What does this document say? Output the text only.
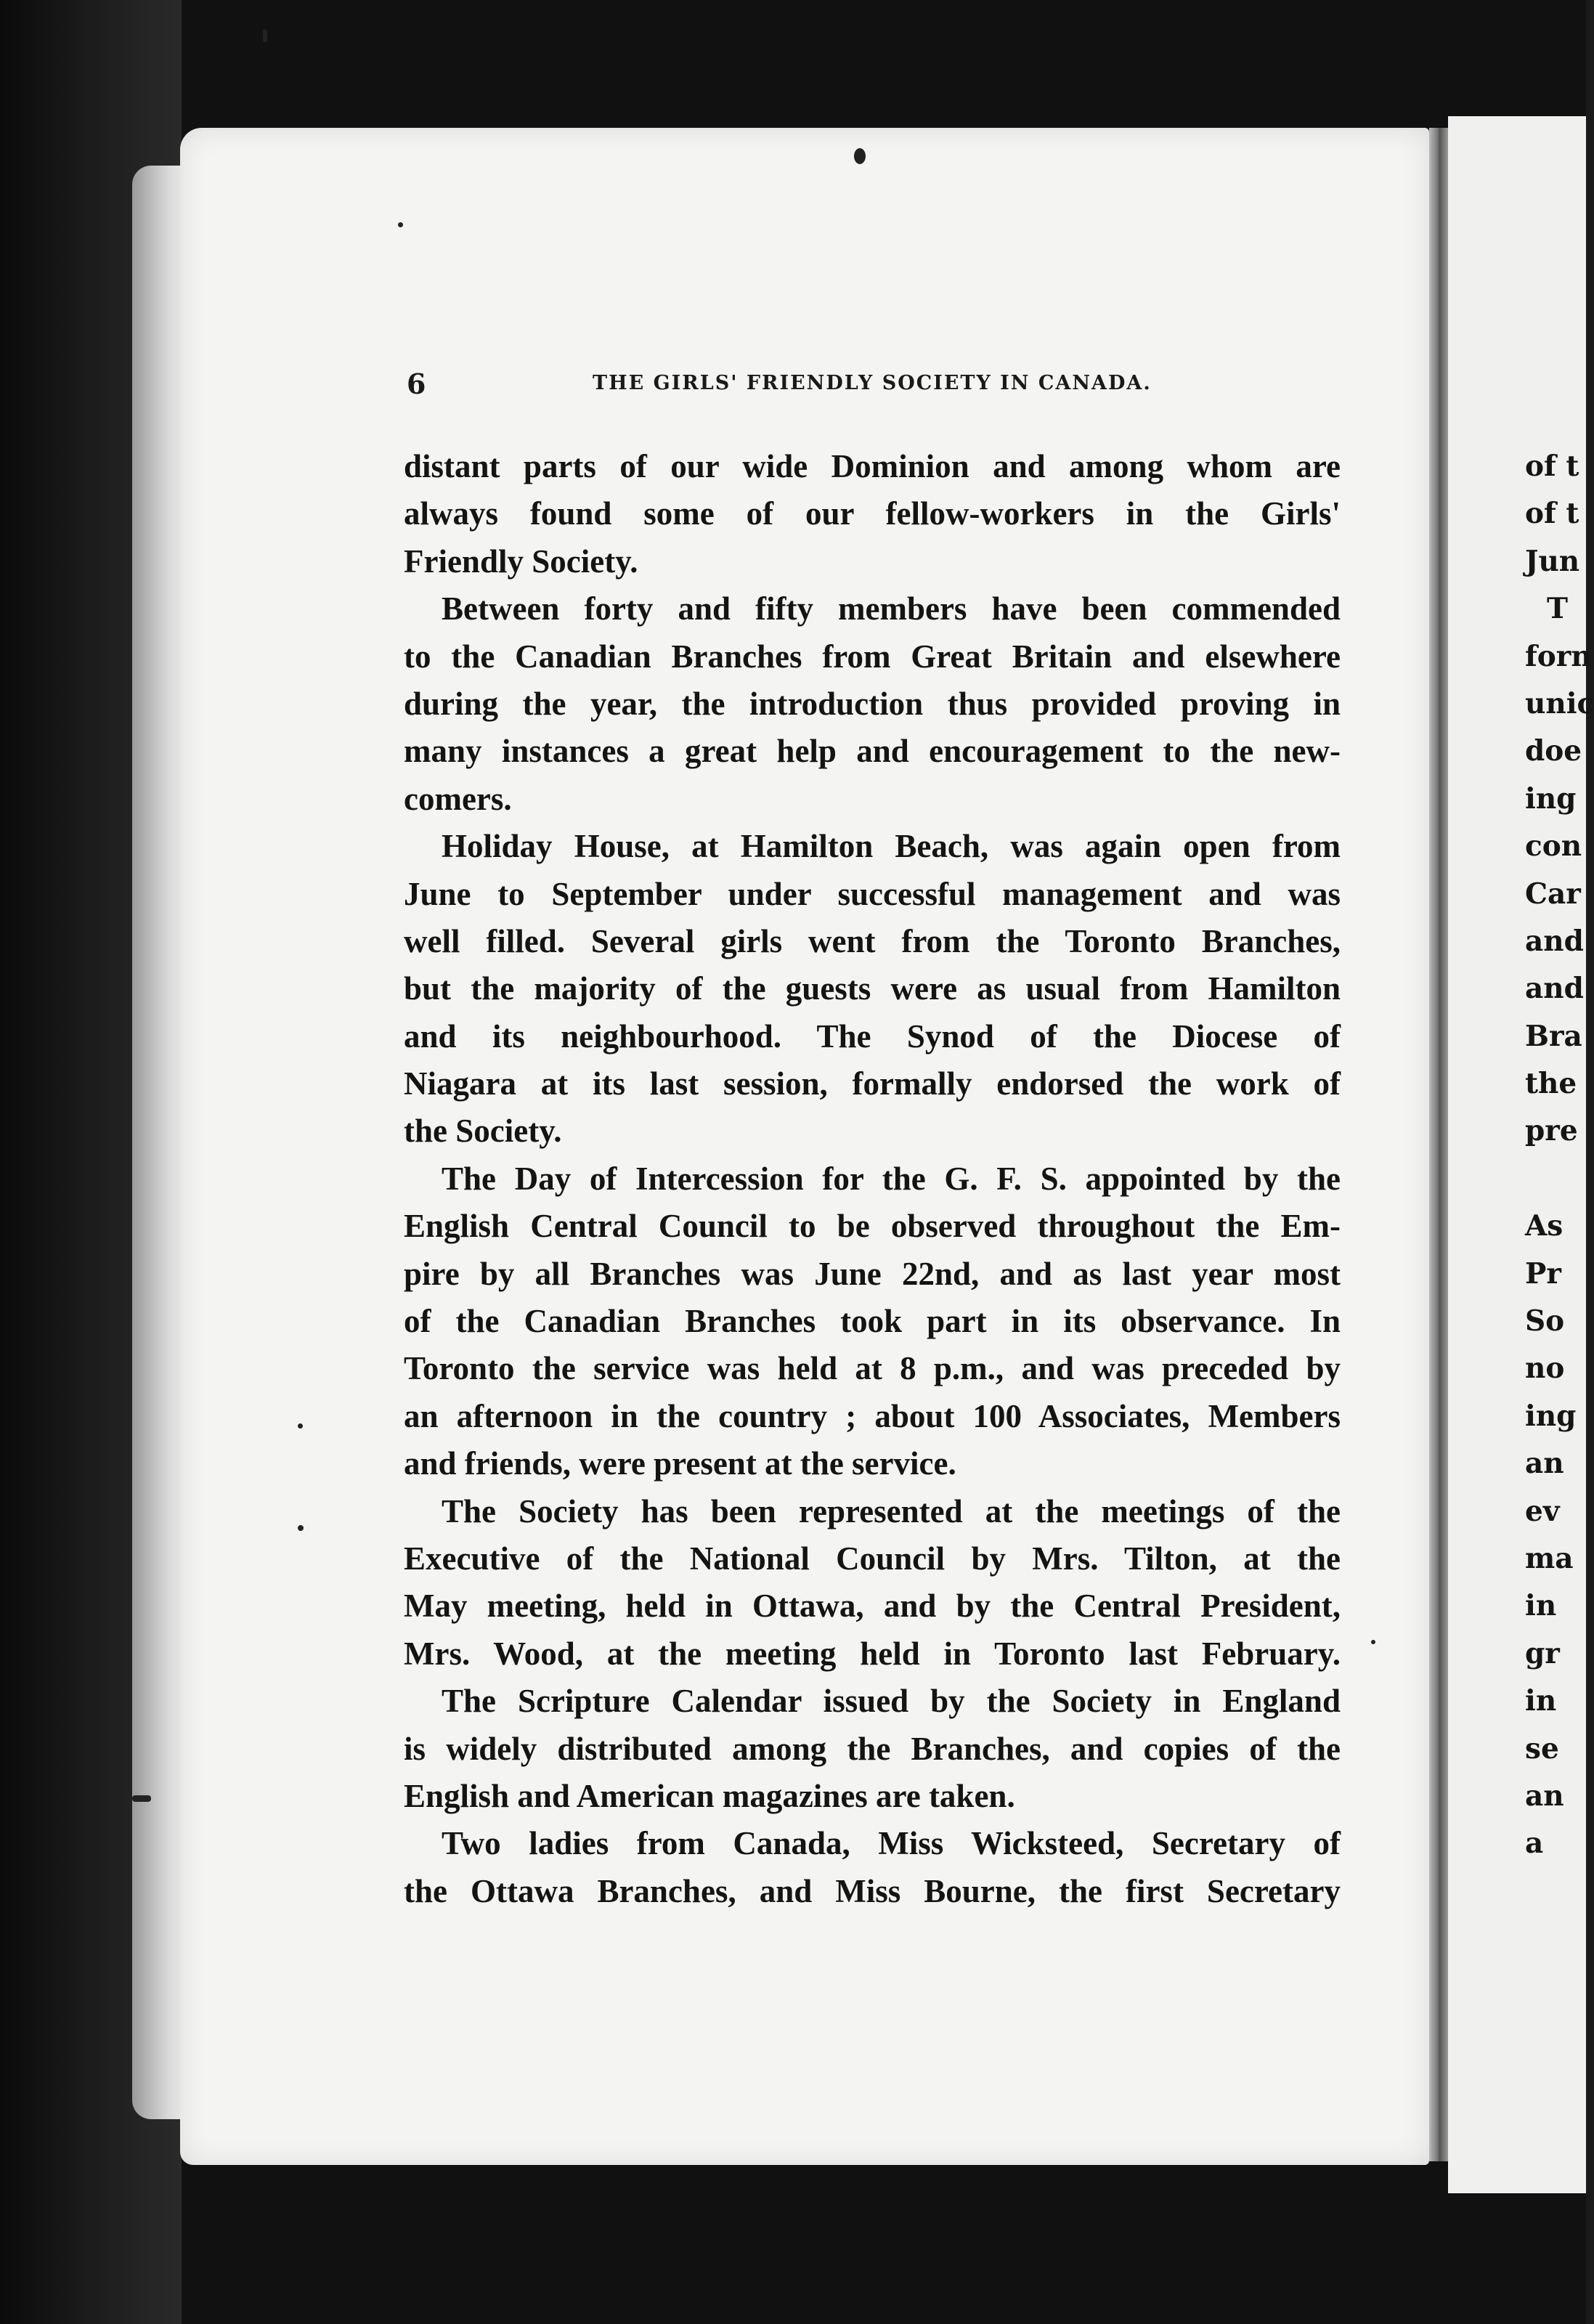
6	THE GIRLS' FRIENDLY SOCIETY IN CANADA.
distant parts of our wide Dominion and among whom are
always found some of our fellow-workers in the Girls'
Friendly Society.
Between forty and fifty members have been commended
to the Canadian Branches from Great Britain and elsewhere
during the year, the introduction thus provided proving in
many instances a great help and encouragement to the new-
comers.
Holiday House, at Hamilton Beach, was again open from
June to September under successful management and was
well filled. Several girls went from the Toronto Branches,
but the majority of the guests were as usual from Hamilton
and its neighbourhood. The Synod of the Diocese of
Niagara at its last session, formally endorsed the work of
the Society.
The Day of Intercession for the G. F. S. appointed by the
English Central Council to be observed throughout the Em-
pire by all Branches was June 22nd, and as last year most
of the Canadian Branches took part in its observance. In
Toronto the service was held at 8 p.m., and was preceded by
an afternoon in the country ; about 100 Associates, Members
and friends, were present at the service.
The Society has been represented at the meetings of the
Executive of the National Council by Mrs. Tilton, at the
May meeting, held in Ottawa, and by the Central President,
Mrs. Wood, at the meeting held in Toronto last February.
The Scripture Calendar issued by the Society in England
is widely distributed among the Branches, and copies of the
English and American magazines are taken.
Two ladies from Canada, Miss Wicksteed, Secretary of
the Ottawa Branches, and Miss Bourne, the first Secretary
of t
of t
Jun
T
forn
unic
doe
ing
con
Car
and
and
Bra
the
pre
As
Pr
So
no
ing
an
ev
ma
in
gr
in
se
an
a
